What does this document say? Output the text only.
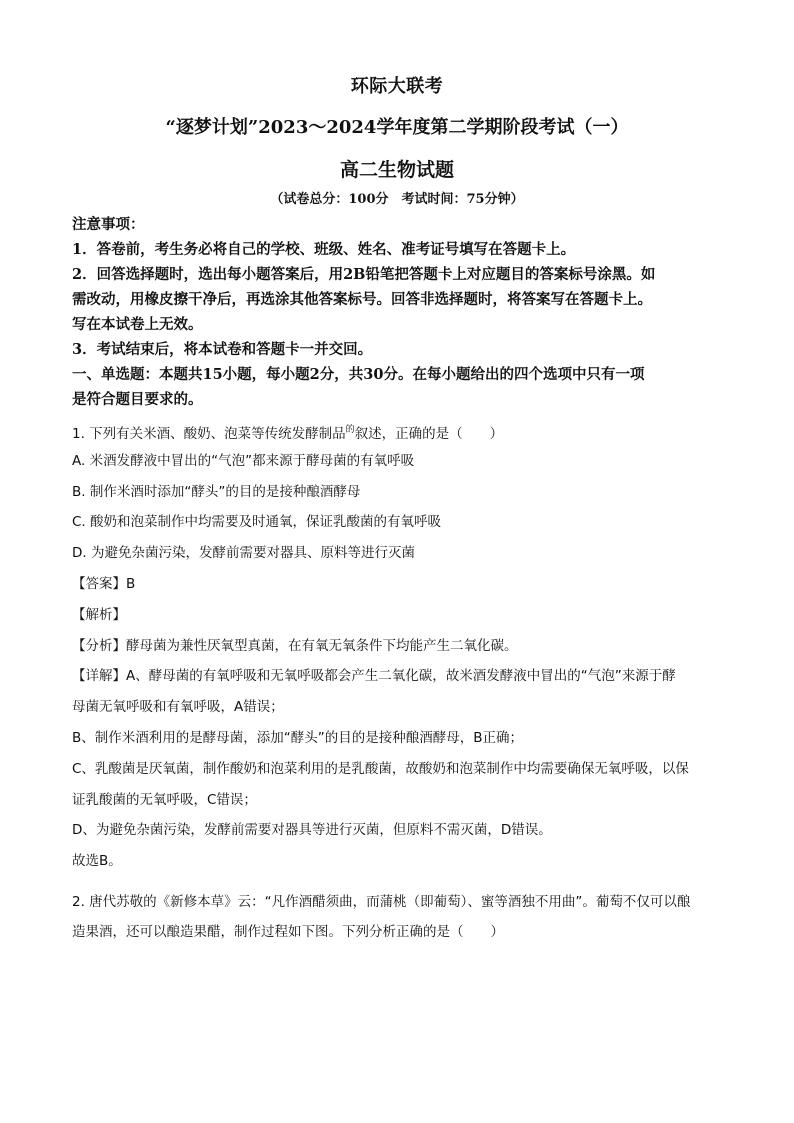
环际大联考
“逐梦计划”2023～2024学年度第二学期阶段考试（一）
高二生物试题
（试卷总分：100分　考试时间：75分钟）

注意事项：

1．答卷前，考生务必将自己的学校、班级、姓名、准考证号填写在答题卡上。

2．回答选择题时，选出每小题答案后，用2B铅笔把答题卡上对应题目的答案标号涂黑。如

需改动，用橡皮擦干净后，再选涂其他答案标号。回答非选择题时，将答案写在答题卡上。

写在本试卷上无效。

3．考试结束后，将本试卷和答题卡一并交回。

一、单选题：本题共15小题，每小题2分，共30分。在每小题给出的四个选项中只有一项

是符合题目要求的。

1. 下列有关米酒、酸奶、泡菜等传统发酵制品$^的$叙述，正确的是（　　）

A. 米酒发酵液中冒出的“气泡”都来源于酵母菌的有氧呼吸

B. 制作米酒时添加“酵头”的目的是接种酿酒酵母

C. 酸奶和泡菜制作中均需要及时通氧，保证乳酸菌的有氧呼吸

D. 为避免杂菌污染，发酵前需要对器具、原料等进行灭菌

【答案】B

【解析】

【分析】酵母菌为兼性厌氧型真菌，在有氧无氧条件下均能产生二氧化碳。

【详解】A、酵母菌的有氧呼吸和无氧呼吸都会产生二氧化碳，故米酒发酵液中冒出的“气泡”来源于酵

母菌无氧呼吸和有氧呼吸，A错误；

B、制作米酒利用的是酵母菌，添加“酵头”的目的是接种酿酒酵母，B正确；

C、乳酸菌是厌氧菌，制作酸奶和泡菜利用的是乳酸菌，故酸奶和泡菜制作中均需要确保无氧呼吸，以保

证乳酸菌的无氧呼吸，C错误；

D、为避免杂菌污染，发酵前需要对器具等进行灭菌，但原料不需灭菌，D错误。

故选B。

2. 唐代苏敬的《新修本草》云：“凡作酒醋须曲，而蒲桃（即葡萄）、蜜等酒独不用曲”。葡萄不仅可以酿

造果酒，还可以酿造果醋，制作过程如下图。下列分析正确的是（　　）
